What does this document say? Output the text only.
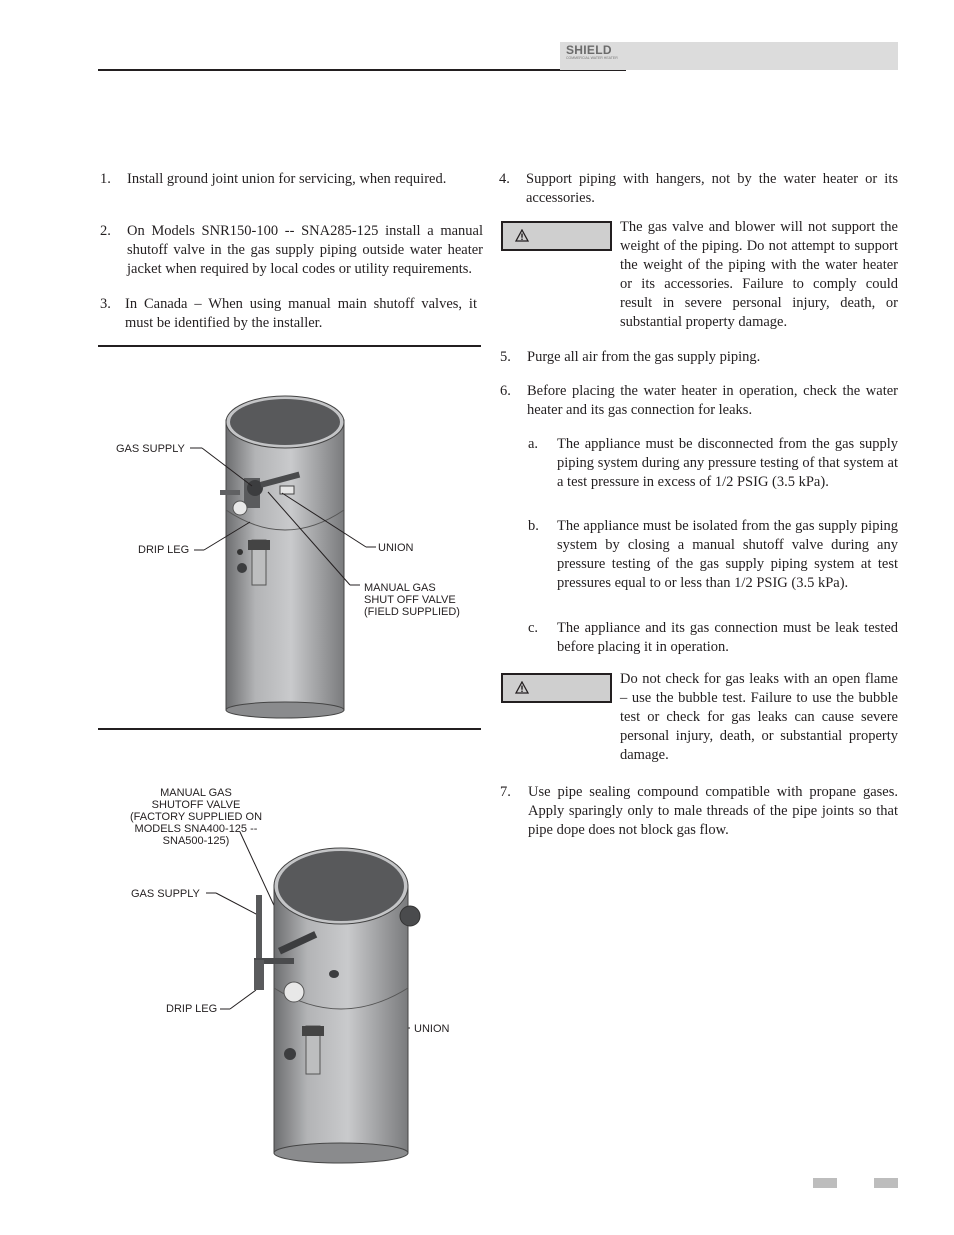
SHIELD
COMMERCIAL WATER HEATER
1. Install ground joint union for servicing, when required.
2. On Models SNR150-100 -- SNA285-125 install a manual shutoff valve in the gas supply piping outside water heater jacket when required by local codes or utility requirements.
3. In Canada – When using manual main shutoff valves, it must be identified by the installer.
GAS SUPPLY
DRIP LEG	UNION
MANUAL GAS
SHUT OFF VALVE
(FIELD SUPPLIED)
MANUAL GAS
SHUTOFF VALVE
(FACTORY SUPPLIED ON
MODELS SNA400-125 --
SNA500-125)
GAS SUPPLY
DRIP LEG
UNION
4. Support piping with hangers, not by the water heater or its accessories.
The gas valve and blower will not support the weight of the piping. Do not attempt to support the weight of the piping with the water heater or its accessories. Failure to comply could result in severe personal injury, death, or substantial property damage.
5. Purge all air from the gas supply piping.
6. Before placing the water heater in operation, check the water heater and its gas connection for leaks.
a. The appliance must be disconnected from the gas supply piping system during any pressure testing of that system at a test pressure in excess of 1/2 PSIG (3.5 kPa).
b. The appliance must be isolated from the gas supply piping system by closing a manual shutoff valve during any pressure testing of the gas supply piping system at test pressures equal to or less than 1/2 PSIG (3.5 kPa).
c. The appliance and its gas connection must be leak tested before placing it in operation.
Do not check for gas leaks with an open flame – use the bubble test. Failure to use the bubble test or check for gas leaks can cause severe personal injury, death, or substantial property damage.
7. Use pipe sealing compound compatible with propane gases. Apply sparingly only to male threads of the pipe joints so that pipe dope does not block gas flow.
